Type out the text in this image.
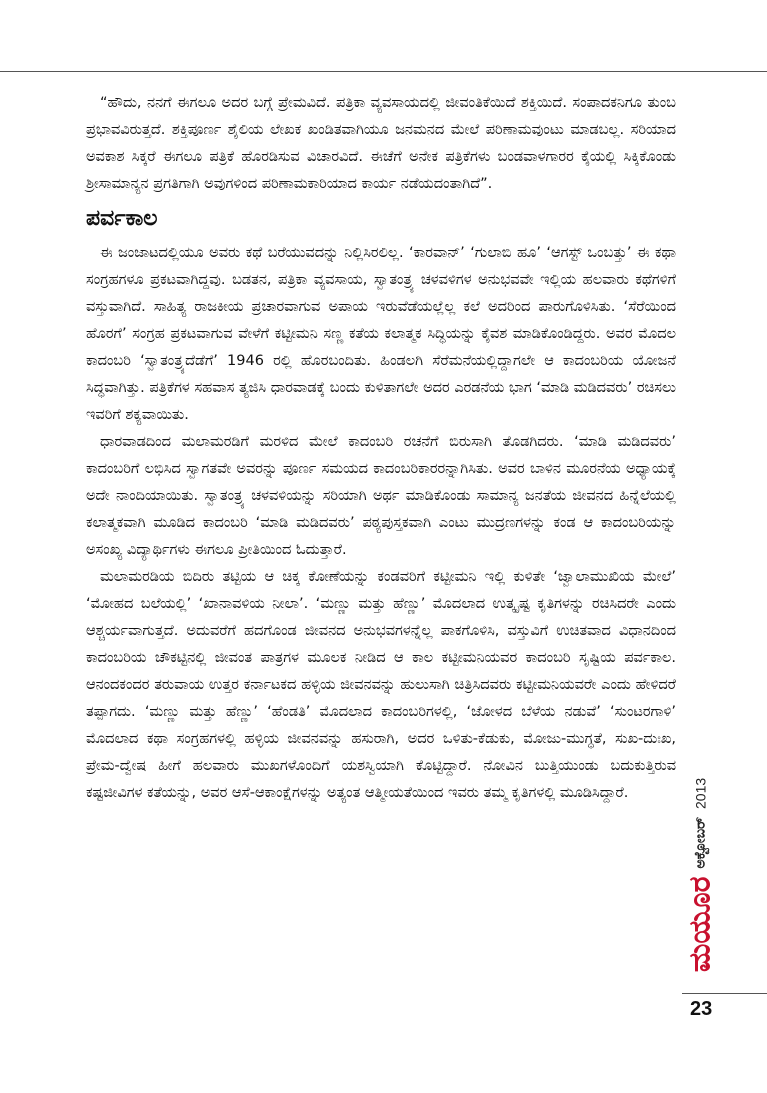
“ಹೌದು, ನನಗೆ ಈಗಲೂ ಅದರ ಬಗ್ಗೆ ಪ್ರೇಮವಿದೆ. ಪತ್ರಿಕಾ ವ್ಯವಸಾಯದಲ್ಲಿ ಜೀವಂತಿಕೆಯಿದೆ ಶಕ್ತಿಯಿದೆ. ಸಂಪಾದಕನಿಗೂ ತುಂಬ ಪ್ರಭಾವವಿರುತ್ತದೆ. ಶಕ್ತಿಪೂರ್ಣ ಶೈಲಿಯ ಲೇಖಕ ಖಂಡಿತವಾಗಿಯೂ ಜನಮನದ ಮೇಲೆ ಪರಿಣಾಮವುಂಟು ಮಾಡಬಲ್ಲ. ಸರಿಯಾದ ಅವಕಾಶ ಸಿಕ್ಕರೆ ಈಗಲೂ ಪತ್ರಿಕೆ ಹೊರಡಿಸುವ ವಿಚಾರವಿದೆ. ಈಚೆಗೆ ಅನೇಕ ಪತ್ರಿಕೆಗಳು ಬಂಡವಾಳಗಾರರ ಕೈಯಲ್ಲಿ ಸಿಕ್ಕಿಕೊಂಡು ಶ್ರೀಸಾಮಾನ್ಯನ ಪ್ರಗತಿಗಾಗಿ ಅವುಗಳಿಂದ ಪರಿಣಾಮಕಾರಿಯಾದ ಕಾರ್ಯ ನಡೆಯದಂತಾಗಿದೆ”.

ಪರ್ವಕಾಲ

ಈ ಜಂಜಾಟದಲ್ಲಿಯೂ ಅವರು ಕಥೆ ಬರೆಯುವದನ್ನು ನಿಲ್ಲಿಸಿರಲಿಲ್ಲ. ‘ಕಾರವಾನ್’ ‘ಗುಲಾಬಿ ಹೂ’ ‘ಆಗಸ್ಟ್ ಒಂಬತ್ತು’ ಈ ಕಥಾ ಸಂಗ್ರಹಗಳೂ ಪ್ರಕಟವಾಗಿದ್ದವು. ಬಡತನ, ಪತ್ರಿಕಾ ವ್ಯವಸಾಯ, ಸ್ವಾತಂತ್ರ್ಯ ಚಳವಳಿಗಳ ಅನುಭವವೇ ಇಲ್ಲಿಯ ಹಲವಾರು ಕಥೆಗಳಿಗೆ ವಸ್ತುವಾಗಿದೆ. ಸಾಹಿತ್ಯ ರಾಜಕೀಯ ಪ್ರಚಾರವಾಗುವ ಅಪಾಯ ಇರುವೆಡೆಯಲ್ಲೆಲ್ಲ ಕಲೆ ಅದರಿಂದ ಪಾರುಗೊಳಿಸಿತು. ‘ಸೆರೆಯಿಂದ ಹೊರಗೆ’ ಸಂಗ್ರಹ ಪ್ರಕಟವಾಗುವ ವೇಳೆಗೆ ಕಟ್ಟೀಮನಿ ಸಣ್ಣ ಕತೆಯ ಕಲಾತ್ಮಕ ಸಿದ್ಧಿಯನ್ನು ಕೈವಶ ಮಾಡಿಕೊಂಡಿದ್ದರು. ಅವರ ಮೊದಲ ಕಾದಂಬರಿ ‘ಸ್ವಾತಂತ್ರ್ಯದೆಡೆಗೆ’ 1946 ರಲ್ಲಿ ಹೊರಬಂದಿತು. ಹಿಂಡಲಗಿ ಸೆರೆಮನೆಯಲ್ಲಿದ್ದಾಗಲೇ ಆ ಕಾದಂಬರಿಯ ಯೋಜನೆ ಸಿದ್ಧವಾಗಿತ್ತು. ಪತ್ರಿಕೆಗಳ ಸಹವಾಸ ತ್ಯಜಿಸಿ ಧಾರವಾಡಕ್ಕೆ ಬಂದು ಕುಳಿತಾಗಲೇ ಅದರ ಎರಡನೆಯ ಭಾಗ ‘ಮಾಡಿ ಮಡಿದವರು’ ರಚಿಸಲು ಇವರಿಗೆ ಶಕ್ಯವಾಯಿತು.

ಧಾರವಾಡದಿಂದ ಮಲಾಮರಡಿಗೆ ಮರಳಿದ ಮೇಲೆ ಕಾದಂಬರಿ ರಚನೆಗೆ ಬಿರುಸಾಗಿ ತೊಡಗಿದರು. ‘ಮಾಡಿ ಮಡಿದವರು’ ಕಾದಂಬರಿಗೆ ಲಭಿಸಿದ ಸ್ವಾಗತವೇ ಅವರನ್ನು ಪೂರ್ಣ ಸಮಯದ ಕಾದಂಬರಿಕಾರರನ್ನಾಗಿಸಿತು. ಅವರ ಬಾಳಿನ ಮೂರನೆಯ ಅಧ್ಯಾಯಕ್ಕೆ ಅದೇ ನಾಂದಿಯಾಯಿತು. ಸ್ವಾತಂತ್ರ್ಯ ಚಳವಳಿಯನ್ನು ಸರಿಯಾಗಿ ಅರ್ಥ ಮಾಡಿಕೊಂಡು ಸಾಮಾನ್ಯ ಜನತೆಯ ಜೀವನದ ಹಿನ್ನೆಲೆಯಲ್ಲಿ ಕಲಾತ್ಮಕವಾಗಿ ಮೂಡಿದ ಕಾದಂಬರಿ ‘ಮಾಡಿ ಮಡಿದವರು’ ಪಠ್ಯಪುಸ್ತಕವಾಗಿ ಎಂಟು ಮುದ್ರಣಗಳನ್ನು ಕಂಡ ಆ ಕಾದಂಬರಿಯನ್ನು ಅಸಂಖ್ಯ ವಿದ್ಯಾರ್ಥಿಗಳು ಈಗಲೂ ಪ್ರೀತಿಯಿಂದ ಓದುತ್ತಾರೆ.

ಮಲಾಮರಡಿಯ ಬಿದಿರು ತಟ್ಟಿಯ ಆ ಚಿಕ್ಕ ಕೋಣೆಯನ್ನು ಕಂಡವರಿಗೆ ಕಟ್ಟೀಮನಿ ಇಲ್ಲಿ ಕುಳಿತೇ ‘ಜ್ವಾಲಾಮುಖಿಯ ಮೇಲೆ’ ‘ಮೋಹದ ಬಲೆಯಲ್ಲಿ’ ‘ಖಾನಾವಳಿಯ ನೀಲಾ’. ‘ಮಣ್ಣು ಮತ್ತು ಹೆಣ್ಣು’ ಮೊದಲಾದ ಉತ್ಕೃಷ್ಟ ಕೃತಿಗಳನ್ನು ರಚಿಸಿದರೇ ಎಂದು ಆಶ್ಚರ್ಯವಾಗುತ್ತದೆ. ಅದುವರೆಗೆ ಹದಗೊಂಡ ಜೀವನದ ಅನುಭವಗಳನ್ನೆಲ್ಲ ಪಾಕಗೊಳಿಸಿ, ವಸ್ತುವಿಗೆ ಉಚಿತವಾದ ವಿಧಾನದಿಂದ ಕಾದಂಬರಿಯ ಚೌಕಟ್ಟಿನಲ್ಲಿ ಜೀವಂತ ಪಾತ್ರಗಳ ಮೂಲಕ ನೀಡಿದ ಆ ಕಾಲ ಕಟ್ಟೀಮನಿಯವರ ಕಾದಂಬರಿ ಸೃಷ್ಟಿಯ ಪರ್ವಕಾಲ. ಆನಂದಕಂದರ ತರುವಾಯ ಉತ್ತರ ಕರ್ನಾಟಕದ ಹಳ್ಳಿಯ ಜೀವನವನ್ನು ಹುಲುಸಾಗಿ ಚಿತ್ರಿಸಿದವರು ಕಟ್ಟೀಮನಿಯವರೇ ಎಂದು ಹೇಳಿದರೆ ತಪ್ಪಾಗದು. ‘ಮಣ್ಣು ಮತ್ತು ಹೆಣ್ಣು’ ‘ಹೆಂಡತಿ’ ಮೊದಲಾದ ಕಾದಂಬರಿಗಳಲ್ಲಿ, ‘ಜೋಳದ ಬೆಳೆಯ ನಡುವೆ’ ‘ಸುಂಟರಗಾಳಿ’ ಮೊದಲಾದ ಕಥಾ ಸಂಗ್ರಹಗಳಲ್ಲಿ ಹಳ್ಳಿಯ ಜೀವನವನ್ನು ಹಸುರಾಗಿ, ಅದರ ಒಳಿತು-ಕೆಡುಕು, ಮೋಜು-ಮುಗ್ಧತೆ, ಸುಖ-ದುಃಖ, ಪ್ರೇಮ-ದ್ವೇಷ ಹೀಗೆ ಹಲವಾರು ಮುಖಗಳೊಂದಿಗೆ ಯಶಸ್ವಿಯಾಗಿ ಕೊಟ್ಟಿದ್ದಾರೆ. ನೋವಿನ ಬುತ್ತಿಯುಂಡು ಬದುಕುತ್ತಿರುವ ಕಷ್ಟಜೀವಿಗಳ ಕತೆಯನ್ನು, ಅವರ ಆಸೆ-ಆಕಾಂಕ್ಷೆಗಳನ್ನು ಅತ್ಯಂತ ಆತ್ಮೀಯತೆಯಿಂದ ಇವರು ತಮ್ಮ ಕೃತಿಗಳಲ್ಲಿ ಮೂಡಿಸಿದ್ದಾರೆ.

ಮಯೂರ
ಅಕ್ಟೋಬರ್
2013
23
